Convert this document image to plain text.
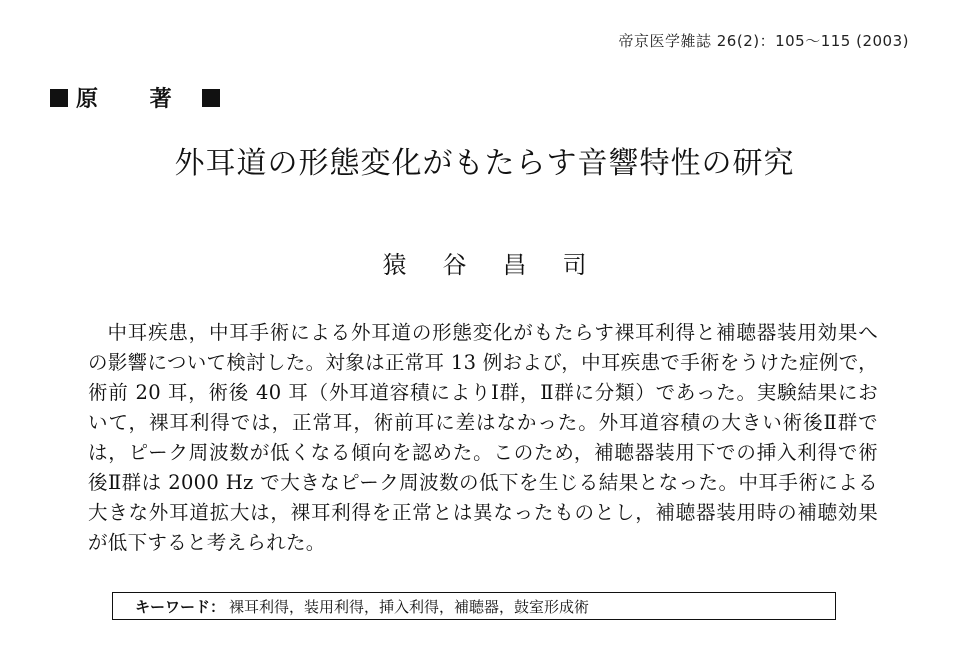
帝京医学雑誌 26(2)：105〜115 (2003)
原 著
外耳道の形態変化がもたらす音響特性の研究
猿谷昌司

中耳疾患，中耳手術による外耳道の形態変化がもたらす裸耳利得と補聴器装用効果への影響について検討した。対象は正常耳 13 例および，中耳疾患で手術をうけた症例で，術前 20 耳，術後 40 耳（外耳道容積によりⅠ群，Ⅱ群に分類）であった。実験結果において，裸耳利得では，正常耳，術前耳に差はなかった。外耳道容積の大きい術後Ⅱ群では，ピーク周波数が低くなる傾向を認めた。このため，補聴器装用下での挿入利得で術後Ⅱ群は 2000 Hz で大きなピーク周波数の低下を生じる結果となった。中耳手術による大きな外耳道拡大は，裸耳利得を正常とは異なったものとし，補聴器装用時の補聴効果が低下すると考えられた。

キーワード： 裸耳利得，装用利得，挿入利得，補聴器，鼓室形成術
